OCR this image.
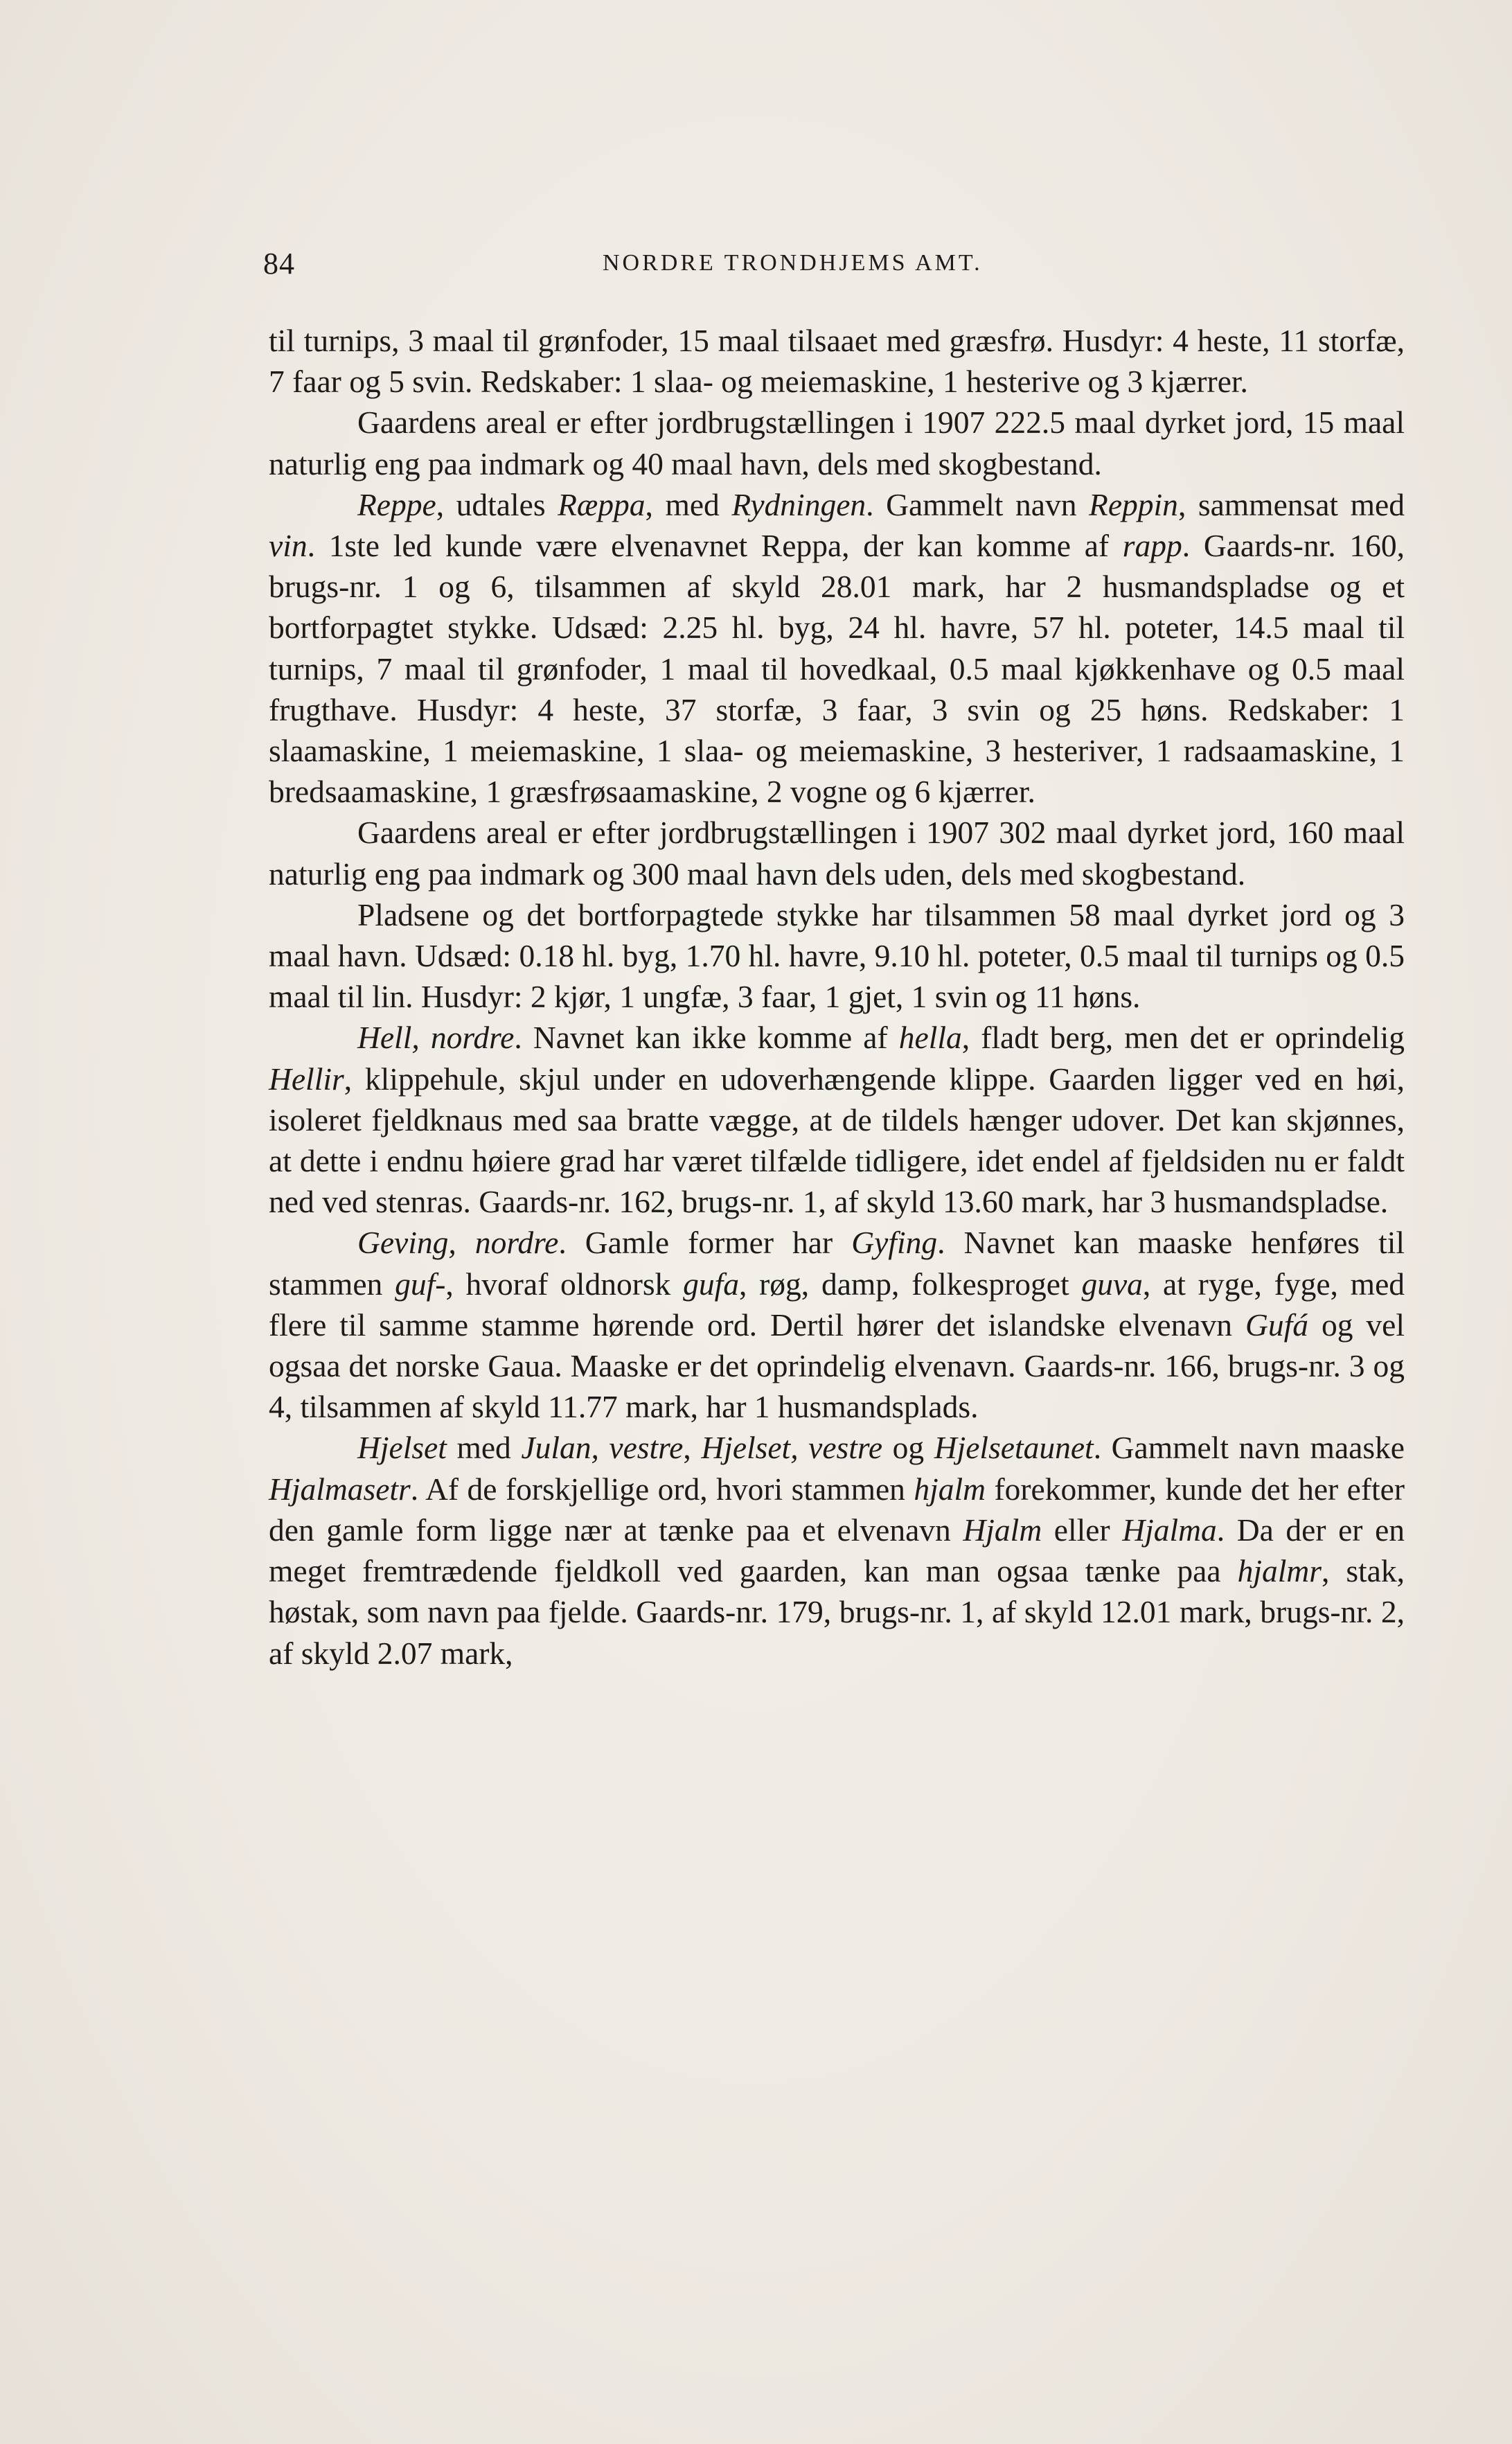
84	NORDRE TRONDHJEMS AMT.

til turnips, 3 maal til grønfoder, 15 maal tilsaaet med græsfrø. Husdyr: 4 heste, 11 storfæ, 7 faar og 5 svin. Redskaber: 1 slaa- og meiemaskine, 1 hesterive og 3 kjærrer.

Gaardens areal er efter jordbrugstællingen i 1907 222.5 maal dyrket jord, 15 maal naturlig eng paa indmark og 40 maal havn, dels med skogbestand.

Reppe, udtales Ræppa, med Rydningen. Gammelt navn Reppin, sammensat med vin. 1ste led kunde være elvenavnet Reppa, der kan komme af rapp. Gaards-nr. 160, brugs-nr. 1 og 6, tilsammen af skyld 28.01 mark, har 2 husmandspladse og et bortforpagtet stykke. Udsæd: 2.25 hl. byg, 24 hl. havre, 57 hl. poteter, 14.5 maal til turnips, 7 maal til grønfoder, 1 maal til hovedkaal, 0.5 maal kjøkkenhave og 0.5 maal frugthave. Husdyr: 4 heste, 37 storfæ, 3 faar, 3 svin og 25 høns. Redskaber: 1 slaamaskine, 1 meiemaskine, 1 slaa- og meiemaskine, 3 hesteriver, 1 radsaamaskine, 1 bredsaamaskine, 1 græsfrøsaamaskine, 2 vogne og 6 kjærrer.

Gaardens areal er efter jordbrugstællingen i 1907 302 maal dyrket jord, 160 maal naturlig eng paa indmark og 300 maal havn dels uden, dels med skogbestand.

Pladsene og det bortforpagtede stykke har tilsammen 58 maal dyrket jord og 3 maal havn. Udsæd: 0.18 hl. byg, 1.70 hl. havre, 9.10 hl. poteter, 0.5 maal til turnips og 0.5 maal til lin. Husdyr: 2 kjør, 1 ungfæ, 3 faar, 1 gjet, 1 svin og 11 høns.

Hell, nordre. Navnet kan ikke komme af hella, fladt berg, men det er oprindelig Hellir, klippehule, skjul under en udoverhængende klippe. Gaarden ligger ved en høi, isoleret fjeldknaus med saa bratte vægge, at de tildels hænger udover. Det kan skjønnes, at dette i endnu høiere grad har været tilfælde tidligere, idet endel af fjeldsiden nu er faldt ned ved stenras. Gaards-nr. 162, brugs-nr. 1, af skyld 13.60 mark, har 3 husmandspladse.

Geving, nordre. Gamle former har Gyfing. Navnet kan maaske henføres til stammen guf-, hvoraf oldnorsk gufa, røg, damp, folkesproget guva, at ryge, fyge, med flere til samme stamme hørende ord. Dertil hører det islandske elvenavn Gufá og vel ogsaa det norske Gaua. Maaske er det oprindelig elvenavn. Gaards-nr. 166, brugs-nr. 3 og 4, tilsammen af skyld 11.77 mark, har 1 husmandsplads.

Hjelset med Julan, vestre, Hjelset, vestre og Hjelsetaunet. Gammelt navn maaske Hjalmasetr. Af de forskjellige ord, hvori stammen hjalm forekommer, kunde det her efter den gamle form ligge nær at tænke paa et elvenavn Hjalm eller Hjalma. Da der er en meget fremtrædende fjeldkoll ved gaarden, kan man ogsaa tænke paa hjalmr, stak, høstak, som navn paa fjelde. Gaards-nr. 179, brugs-nr. 1, af skyld 12.01 mark, brugs-nr. 2, af skyld 2.07 mark,
